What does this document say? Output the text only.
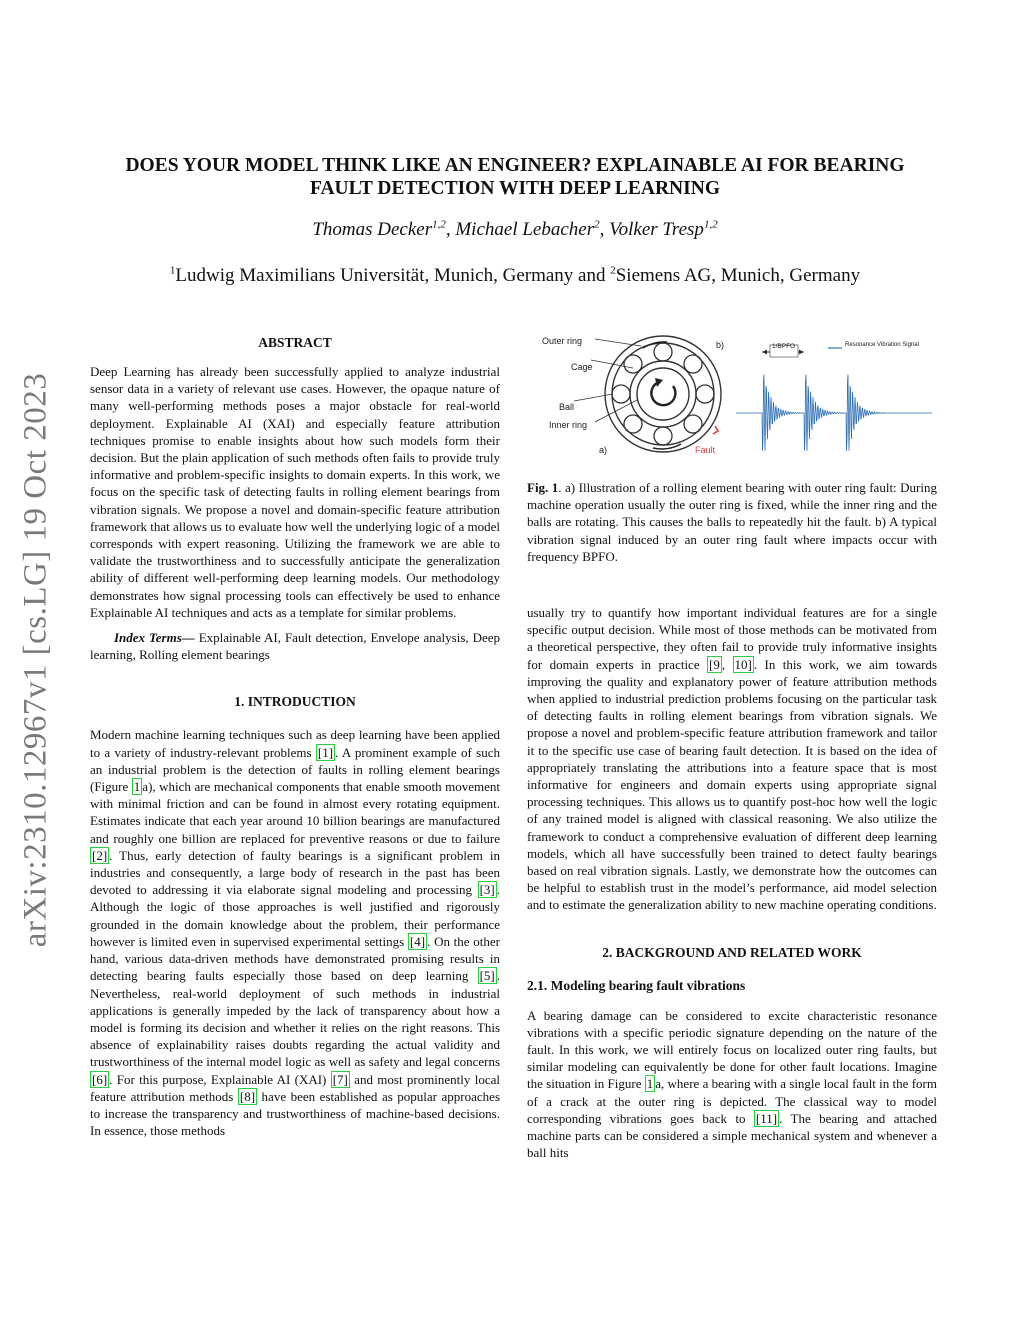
arXiv:2310.12967v1 [cs.LG] 19 Oct 2023
DOES YOUR MODEL THINK LIKE AN ENGINEER? EXPLAINABLE AI FOR BEARING
FAULT DETECTION WITH DEEP LEARNING
Thomas Decker$^{1,2}$, Michael Lebacher$^2$, Volker Tresp$^{1,2}$
$^1$Ludwig Maximilians Universität, Munich, Germany and $^2$Siemens AG, Munich, Germany

ABSTRACT

Deep Learning has already been successfully applied to analyze industrial sensor data in a variety of relevant use cases. However, the opaque nature of many well-performing methods poses a major obstacle for real-world deployment. Explainable AI (XAI) and especially feature attribution techniques promise to enable insights about how such models form their decision. But the plain application of such methods often fails to provide truly informative and problem-specific insights to domain experts. In this work, we focus on the specific task of detecting faults in rolling element bearings from vibration signals. We propose a novel and domain-specific feature attribution framework that allows us to evaluate how well the underlying logic of a model corresponds with expert reasoning. Utilizing the framework we are able to validate the trustworthiness and to successfully anticipate the generalization ability of different well-performing deep learning models. Our methodology demonstrates how signal processing tools can effectively be used to enhance Explainable AI techniques and acts as a template for similar problems.

Index Terms— Explainable AI, Fault detection, Envelope analysis, Deep learning, Rolling element bearings

1. INTRODUCTION

Modern machine learning techniques such as deep learning have been applied to a variety of industry-relevant problems [1] . A prominent example of such an industrial problem is the detection of faults in rolling element bearings (Figure 1 a), which are mechanical components that enable smooth movement with minimal friction and can be found in almost every rotating equipment. Estimates indicate that each year around 10 billion bearings are manufactured and roughly one billion are replaced for preventive reasons or due to failure [2] . Thus, early detection of faulty bearings is a significant problem in industries and consequently, a large body of research in the past has been devoted to addressing it via elaborate signal modeling and processing [3] . Although the logic of those approaches is well justified and rigorously grounded in the domain knowledge about the problem, their performance however is limited even in supervised experimental settings [4] . On the other hand, various data-driven methods have demonstrated promising results in detecting bearing faults especially those based on deep learning [5] . Nevertheless, real-world deployment of such methods in industrial applications is generally impeded by the lack of transparency about how a model is forming its decision and whether it relies on the right reasons. This absence of explainability raises doubts regarding the actual validity and trustworthiness of the internal model logic as well as safety and legal concerns [6] . For this purpose, Explainable AI (XAI) [7] and most prominently local feature attribution methods [8] have been established as popular approaches to increase the transparency and trustworthiness of machine-based decisions. In essence, those methods

Outer ring
Cage
Ball
Inner ring
a)	Fault
b)	1/BPFO	Resonance Vibration Signal

Fig. 1. a) Illustration of a rolling element bearing with outer ring fault: During machine operation usually the outer ring is fixed, while the inner ring and the balls are rotating. This causes the balls to repeatedly hit the fault. b) A typical vibration signal induced by an outer ring fault where impacts occur with frequency BPFO.

usually try to quantify how important individual features are for a single specific output decision. While most of those methods can be motivated from a theoretical perspective, they often fail to provide truly informative insights for domain experts in practice [9 , 10] . In this work, we aim towards improving the quality and explanatory power of feature attribution methods when applied to industrial prediction problems focusing on the particular task of detecting faults in rolling element bearings from vibration signals. We propose a novel and problem-specific feature attribution framework and tailor it to the specific use case of bearing fault detection. It is based on the idea of appropriately translating the attributions into a feature space that is most informative for engineers and domain experts using appropriate signal processing techniques. This allows us to quantify post-hoc how well the logic of any trained model is aligned with classical reasoning. We also utilize the framework to conduct a comprehensive evaluation of different deep learning models, which all have successfully been trained to detect faulty bearings based on real vibration signals. Lastly, we demonstrate how the outcomes can be helpful to establish trust in the model’s performance, aid model selection and to estimate the generalization ability to new machine operating conditions.

2. BACKGROUND AND RELATED WORK

2.1. Modeling bearing fault vibrations

A bearing damage can be considered to excite characteristic resonance vibrations with a specific periodic signature depending on the nature of the fault. In this work, we will entirely focus on localized outer ring faults, but similar modeling can equivalently be done for other fault locations. Imagine the situation in Figure 1 a, where a bearing with a single local fault in the form of a crack at the outer ring is depicted. The classical way to model corresponding vibrations goes back to [11] . The bearing and attached machine parts can be considered a simple mechanical system and whenever a ball hits
